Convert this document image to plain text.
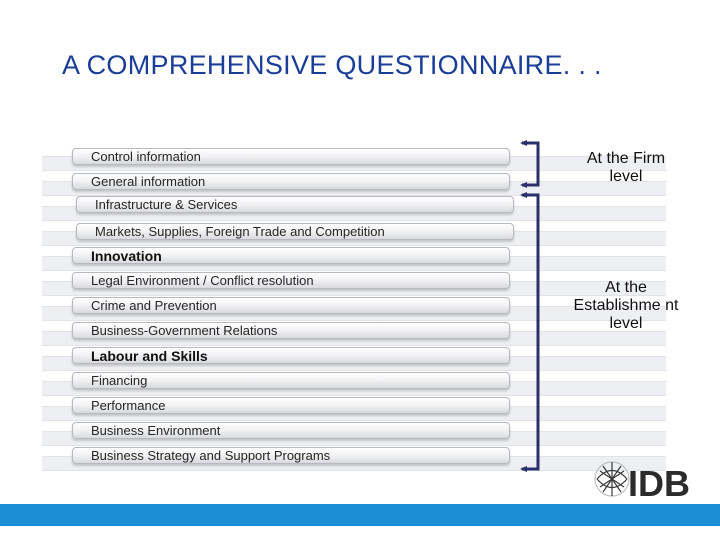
A COMPREHENSIVE QUESTIONNAIRE. . .
Control information
General information
Infrastructure & Services
Markets, Supplies, Foreign Trade and Competition
Innovation
Legal Environment / Conflict resolution
Crime and Prevention
Business-Government Relations
Labour and Skills
Financing
Performance
Business Environment
Business Strategy and Support Programs
At the Firm level
At the Establishme nt level
IDB
